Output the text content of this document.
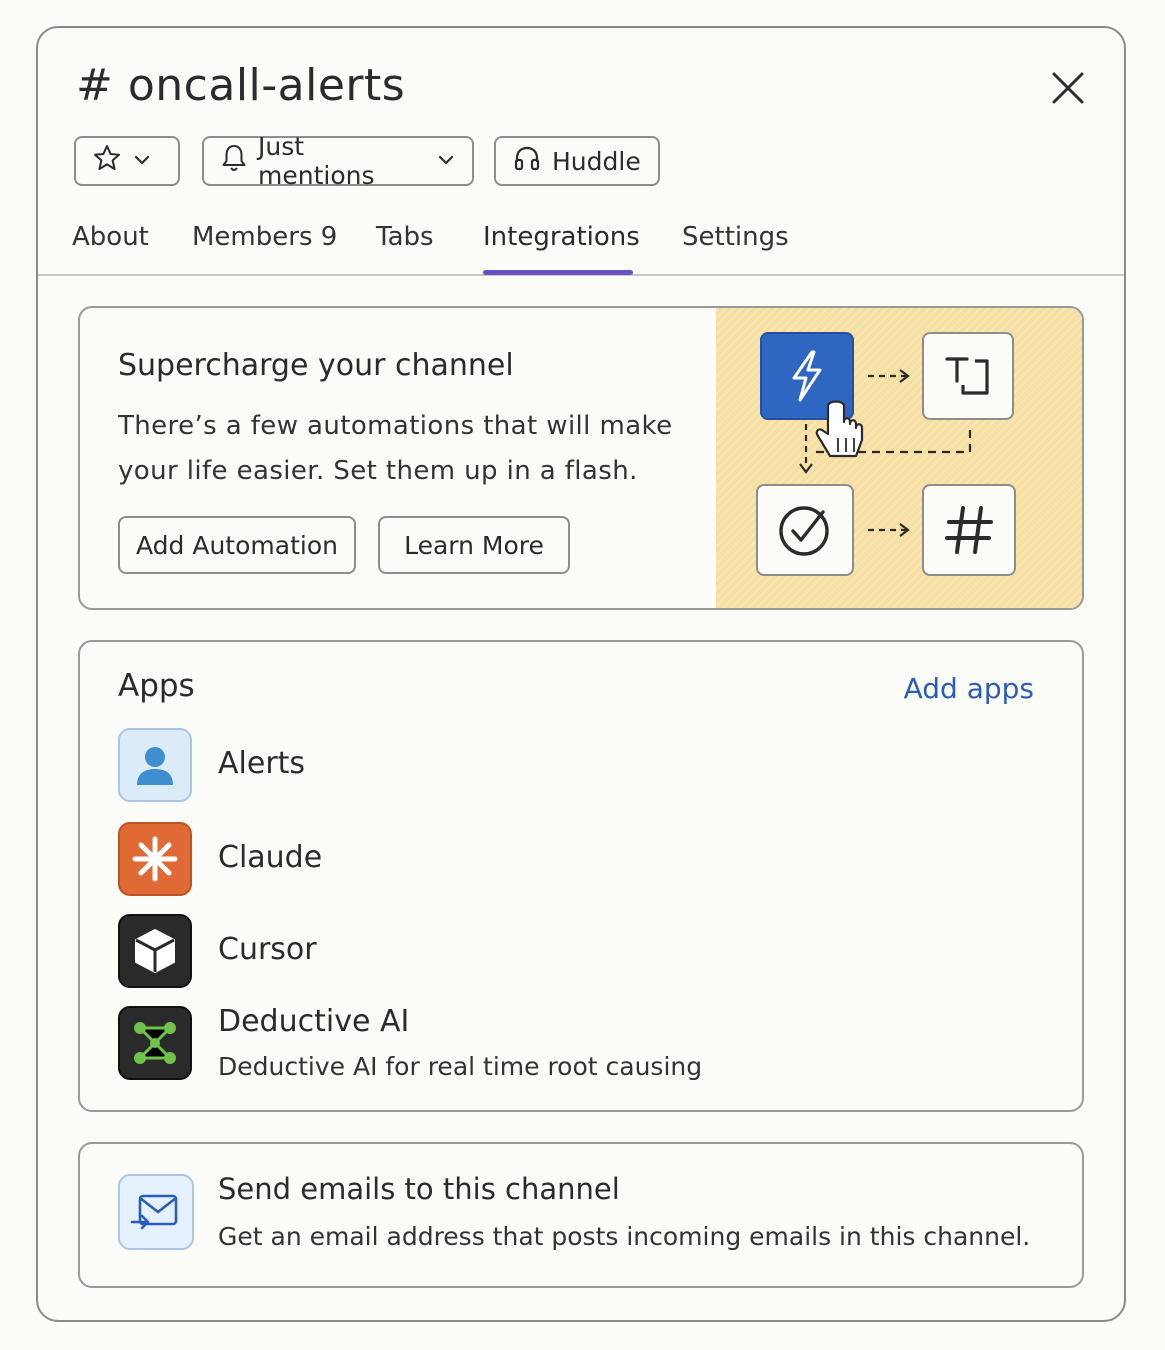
# oncall-alerts
Just mentions	Huddle
About Members 9 Tabs Integrations Settings
Supercharge your channel
There’s a few automations that will make your life easier. Set them up in a flash.
Add Automation	Learn More
Apps	Add apps
Alerts
Claude
Cursor
Deductive AI
Deductive AI for real time root causing
Send emails to this channel
Get an email address that posts incoming emails in this channel.
